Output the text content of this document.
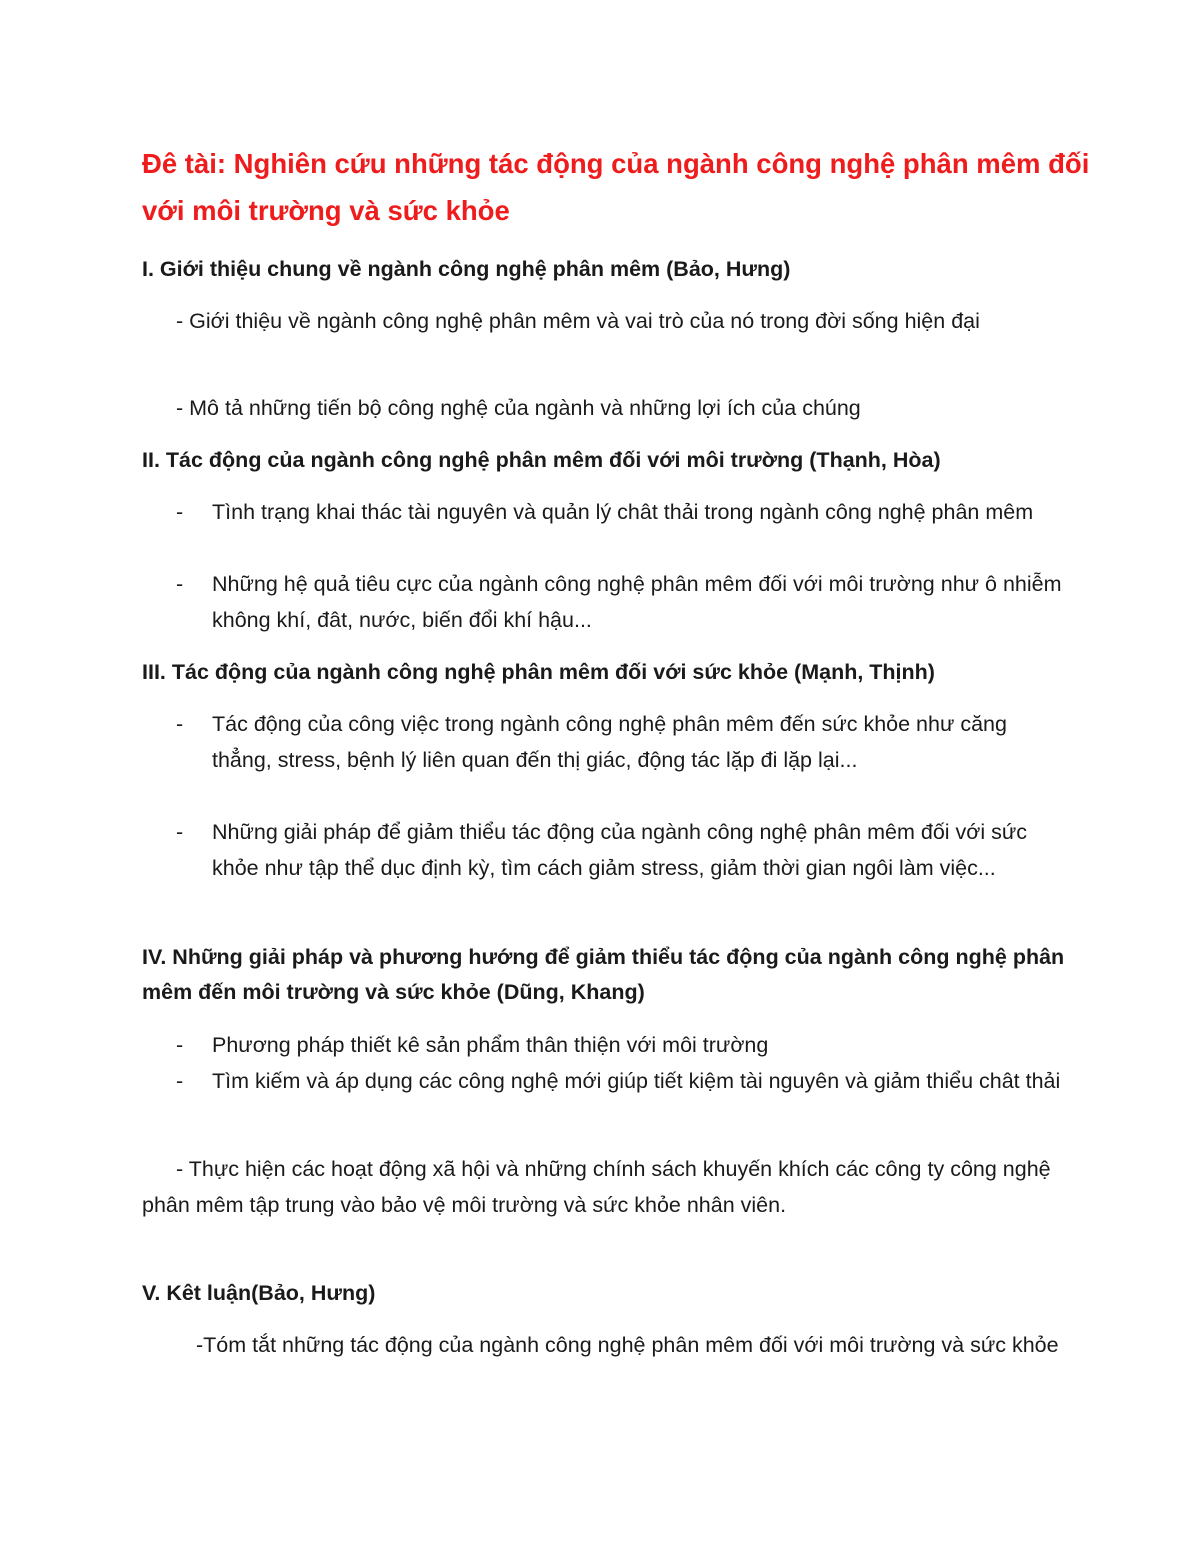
Đê tài: Nghiên cứu những tác động của ngành công nghệ phân mêm đối với môi trường và sức khỏe
I. Giới thiệu chung về ngành công nghệ phân mêm (Bảo, Hưng)
- Giới thiệu về ngành công nghệ phân mêm và vai trò của nó trong đời sống hiện đại
- Mô tả những tiến bộ công nghệ của ngành và những lợi ích của chúng
II. Tác động của ngành công nghệ phân mêm đối với môi trường (Thạnh, Hòa)
- Tình trạng khai thác tài nguyên và quản lý chât thải trong ngành công nghệ phân mêm
- Những hệ quả tiêu cực của ngành công nghệ phân mêm đối với môi trường như ô nhiễm không khí, đât, nước, biến đổi khí hậu...
III. Tác động của ngành công nghệ phân mêm đối với sức khỏe (Mạnh, Thịnh)
- Tác động của công việc trong ngành công nghệ phân mêm đến sức khỏe như căng thẳng, stress, bệnh lý liên quan đến thị giác, động tác lặp đi lặp lại...
- Những giải pháp để giảm thiểu tác động của ngành công nghệ phân mêm đối với sức khỏe như tập thể dục định kỳ, tìm cách giảm stress, giảm thời gian ngôi làm việc...
IV. Những giải pháp và phương hướng để giảm thiểu tác động của ngành công nghệ phân mêm đến môi trường và sức khỏe (Dũng, Khang)
- Phương pháp thiết kê sản phẩm thân thiện với môi trường
- Tìm kiếm và áp dụng các công nghệ mới giúp tiết kiệm tài nguyên và giảm thiểu chât thải
- Thực hiện các hoạt động xã hội và những chính sách khuyến khích các công ty công nghệ phân mêm tập trung vào bảo vệ môi trường và sức khỏe nhân viên.
V. Kêt luận(Bảo, Hưng)
-Tóm tắt những tác động của ngành công nghệ phân mêm đối với môi trường và sức khỏe
